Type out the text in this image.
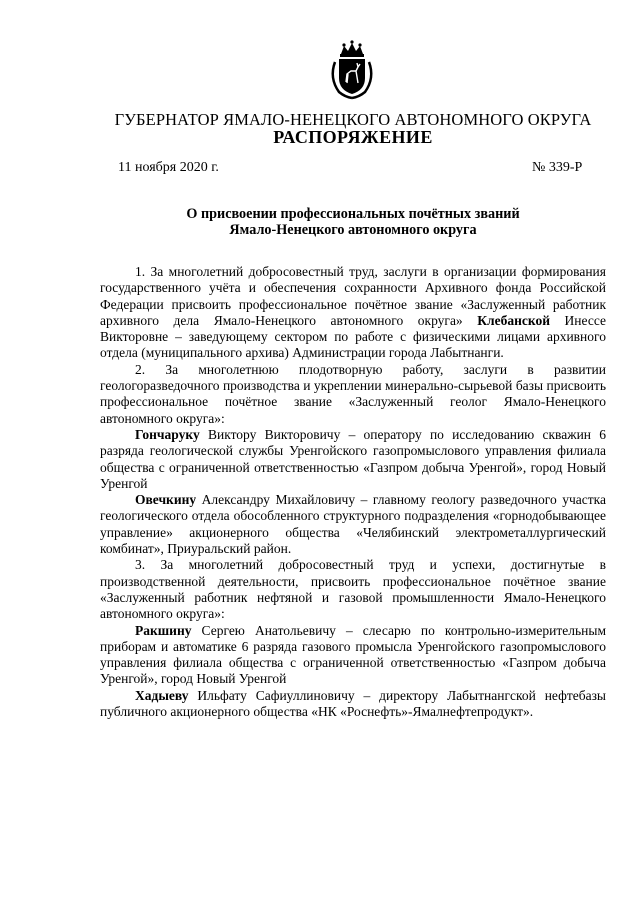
ГУБЕРНАТОР ЯМАЛО-НЕНЕЦКОГО АВТОНОМНОГО ОКРУГА
РАСПОРЯЖЕНИЕ
11 ноября 2020 г.	№ 339-Р
О присвоении профессиональных почётных званий
Ямало-Ненецкого автономного округа

1. За многолетний добросовестный труд, заслуги в организации формирования государственного учёта и обеспечения сохранности Архивного фонда Российской Федерации присвоить профессиональное почётное звание «Заслуженный работник архивного дела Ямало-Ненецкого автономного округа» Клебанской Инессе Викторовне – заведующему сектором по работе с физическими лицами архивного отдела (муниципального архива) Администрации города Лабытнанги.

2. За многолетнюю плодотворную работу, заслуги в развитии геологоразведочного производства и укреплении минерально-сырьевой базы присвоить профессиональное почётное звание «Заслуженный геолог Ямало-Ненецкого автономного округа»:

Гончаруку Виктору Викторовичу – оператору по исследованию скважин 6 разряда геологической службы Уренгойского газопромыслового управления филиала общества с ограниченной ответственностью «Газпром добыча Уренгой», город Новый Уренгой

Овечкину Александру Михайловичу – главному геологу разведочного участка геологического отдела обособленного структурного подразделения «горнодобывающее управление» акционерного общества «Челябинский электрометаллургический комбинат», Приуральский район.

3. За многолетний добросовестный труд и успехи, достигнутые в производственной деятельности, присвоить профессиональное почётное звание «Заслуженный работник нефтяной и газовой промышленности Ямало-Ненецкого автономного округа»:

Ракшину Сергею Анатольевичу – слесарю по контрольно-измерительным приборам и автоматике 6 разряда газового промысла Уренгойского газопромыслового управления филиала общества с ограниченной ответственностью «Газпром добыча Уренгой», город Новый Уренгой

Хадыеву Ильфату Сафиуллиновичу – директору Лабытнангской нефтебазы публичного акционерного общества «НК «Роснефть»-Ямалнефтепродукт».
